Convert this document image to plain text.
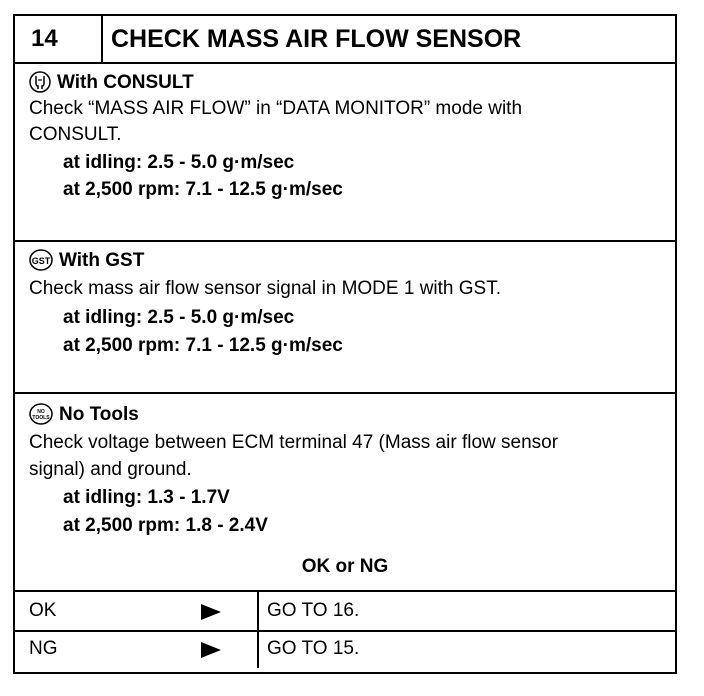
14	CHECK MASS AIR FLOW SENSOR
With CONSULT
Check “MASS AIR FLOW” in “DATA MONITOR” mode with
CONSULT.
at idling: 2.5 - 5.0 g·m/sec
at 2,500 rpm: 7.1 - 12.5 g·m/sec
GST With GST
Check mass air flow sensor signal in MODE 1 with GST.
at idling: 2.5 - 5.0 g·m/sec
at 2,500 rpm: 7.1 - 12.5 g·m/sec
NO
TOOLS No Tools
Check voltage between ECM terminal 47 (Mass air flow sensor
signal) and ground.
at idling: 1.3 - 1.7V
at 2,500 rpm: 1.8 - 2.4V
OK or NG
OK	GO TO 16.
NG	GO TO 15.
